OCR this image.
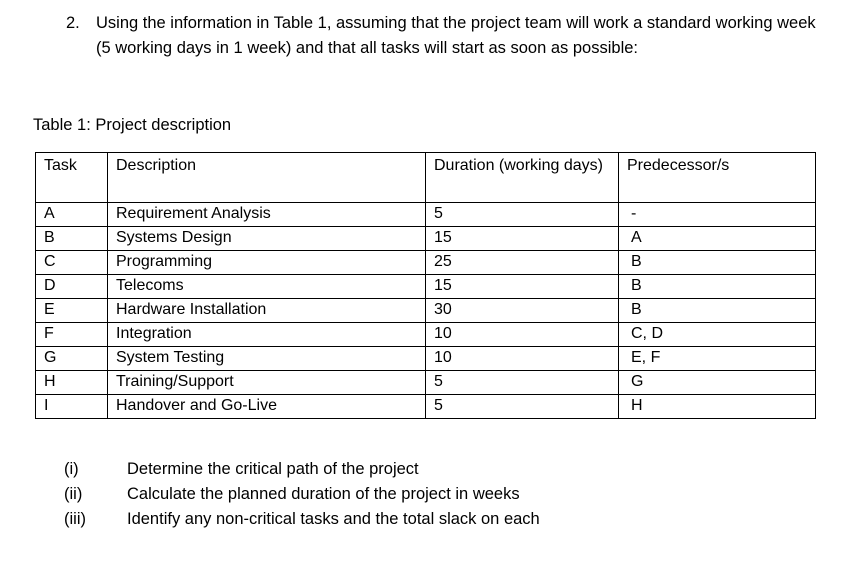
2. Using the information in Table 1, assuming that the project team will work a standard working week (5 working days in 1 week) and that all tasks will start as soon as possible:
Table 1: Project description
Task	Description	Duration (working days)	Predecessor/s
A	Requirement Analysis	5	-
B	Systems Design	15	A
C	Programming	25	B
D	Telecoms	15	B
E	Hardware Installation	30	B
F	Integration	10	C, D
G	System Testing	10	E, F
H	Training/Support	5	G
I	Handover and Go-Live	5	H
(i)	Determine the critical path of the project
(ii)	Calculate the planned duration of the project in weeks
(iii) Identify any non-critical tasks and the total slack on each
